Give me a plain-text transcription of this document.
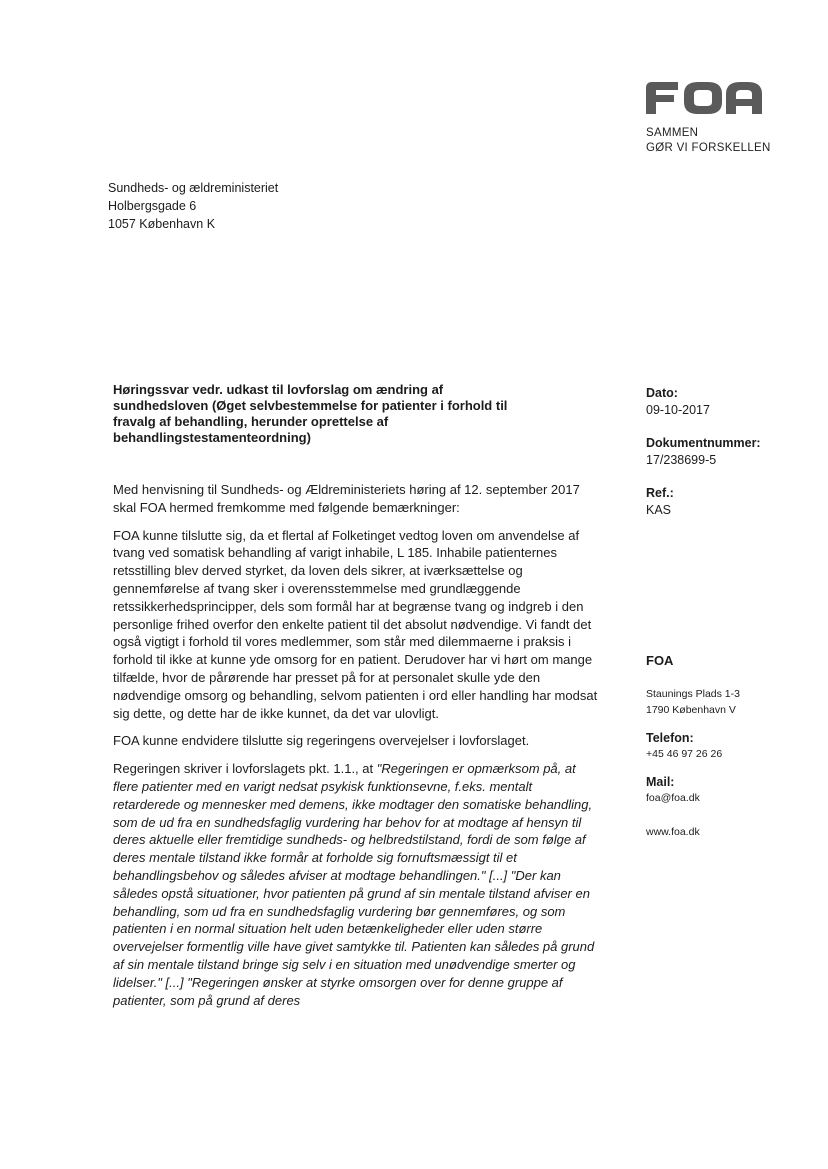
SAMMEN
GØR VI FORSKELLEN
Sundheds- og ældreministeriet
Holbergsgade 6
1057 København K
Høringssvar vedr. udkast til lovforslag om ændring af sundhedsloven (Øget selvbestemmelse for patienter i forhold til fravalg af behandling, herunder oprettelse af behandlingstestamenteordning)

Med henvisning til Sundheds- og Ældreministeriets høring af 12. september 2017 skal FOA hermed fremkomme med følgende bemærkninger:

FOA kunne tilslutte sig, da et flertal af Folketinget vedtog loven om anvendelse af tvang ved somatisk behandling af varigt inhabile, L 185. Inhabile patienternes retsstilling blev derved styrket, da loven dels sikrer, at iværksættelse og gennemførelse af tvang sker i overensstemmelse med grundlæggende retssikkerhedsprincipper, dels som formål har at begrænse tvang og indgreb i den personlige frihed overfor den enkelte patient til det absolut nødvendige. Vi fandt det også vigtigt i forhold til vores medlemmer, som står med dilemmaerne i praksis i forhold til ikke at kunne yde omsorg for en patient. Derudover har vi hørt om mange tilfælde, hvor de pårørende har presset på for at personalet skulle yde den nødvendige omsorg og behandling, selvom patienten i ord eller handling har modsat sig dette, og dette har de ikke kunnet, da det var ulovligt.

FOA kunne endvidere tilslutte sig regeringens overvejelser i lovforslaget.

Regeringen skriver i lovforslagets pkt. 1.1., at "Regeringen er opmærksom på, at flere patienter med en varigt nedsat psykisk funktionsevne, f.eks. mentalt retarderede og mennesker med demens, ikke modtager den somatiske behandling, som de ud fra en sundhedsfaglig vurdering har behov for at modtage af hensyn til deres aktuelle eller fremtidige sundheds- og helbredstilstand, fordi de som følge af deres mentale tilstand ikke formår at forholde sig fornuftsmæssigt til et behandlingsbehov og således afviser at modtage behandlingen." [...] "Der kan således opstå situationer, hvor patienten på grund af sin mentale tilstand afviser en behandling, som ud fra en sundhedsfaglig vurdering bør gennemføres, og som patienten i en normal situation helt uden betænkeligheder eller uden større overvejelser formentlig ville have givet samtykke til. Patienten kan således på grund af sin mentale tilstand bringe sig selv i en situation med unødvendige smerter og lidelser." [...] "Regeringen ønsker at styrke omsorgen over for denne gruppe af patienter, som på grund af deres

Dato:
09-10-2017
Dokumentnummer:
17/238699-5
Ref.:
KAS
FOA
Staunings Plads 1-3
1790 København V
Telefon:
+45 46 97 26 26
Mail:
foa@foa.dk
www.foa.dk
